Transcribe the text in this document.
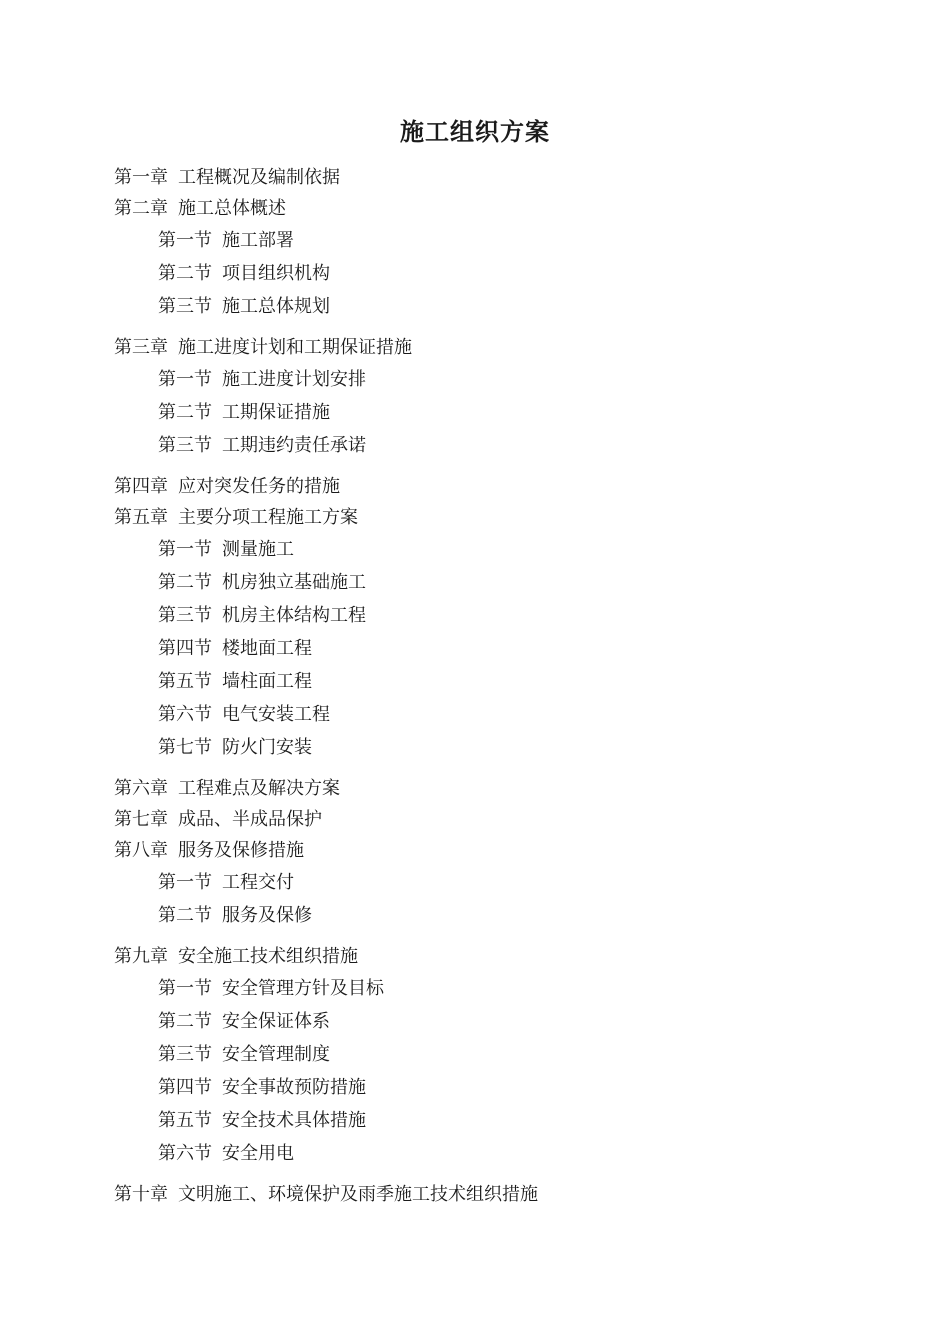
施工组织方案
第一章 工程概况及编制依据
第二章 施工总体概述
第一节 施工部署
第二节 项目组织机构
第三节 施工总体规划
第三章 施工进度计划和工期保证措施
第一节 施工进度计划安排
第二节 工期保证措施
第三节 工期违约责任承诺
第四章 应对突发任务的措施
第五章 主要分项工程施工方案
第一节 测量施工
第二节 机房独立基础施工
第三节 机房主体结构工程
第四节 楼地面工程
第五节 墙柱面工程
第六节 电气安装工程
第七节 防火门安装
第六章 工程难点及解决方案
第七章 成品、半成品保护
第八章 服务及保修措施
第一节 工程交付
第二节 服务及保修
第九章 安全施工技术组织措施
第一节 安全管理方针及目标
第二节 安全保证体系
第三节 安全管理制度
第四节 安全事故预防措施
第五节 安全技术具体措施
第六节 安全用电
第十章 文明施工、环境保护及雨季施工技术组织措施
